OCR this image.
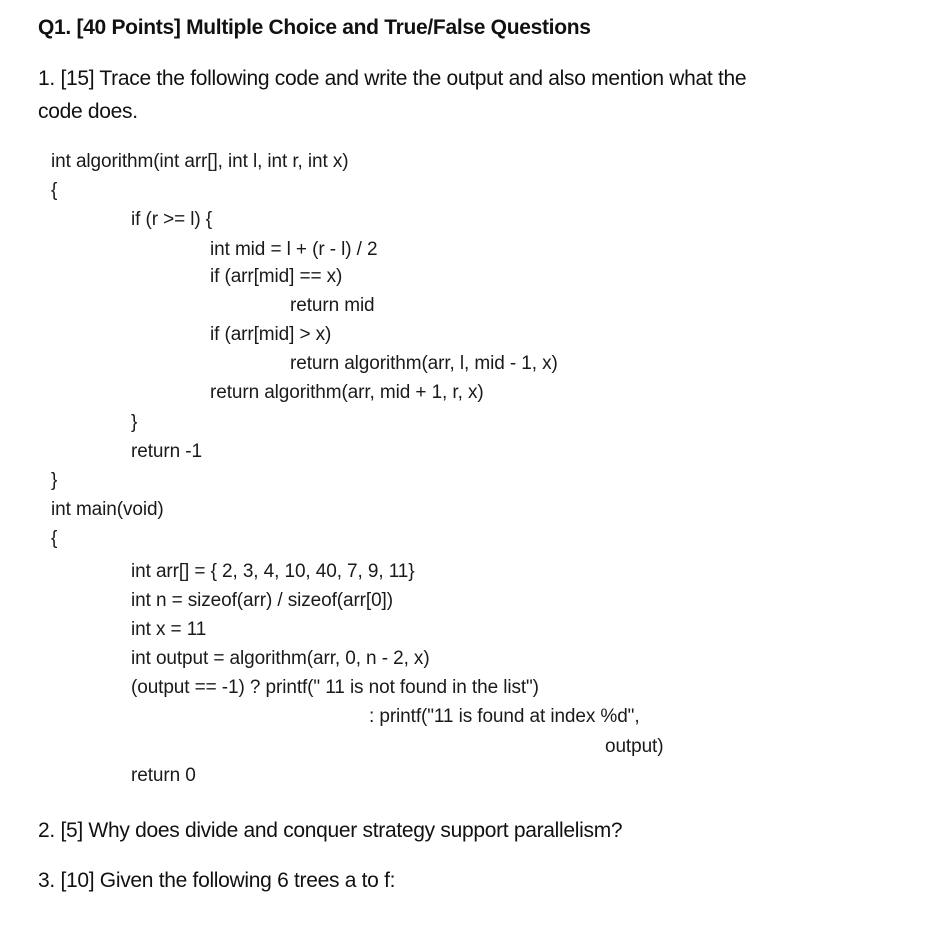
Q1. [40 Points] Multiple Choice and True/False Questions
1. [15] Trace the following code and write the output and also mention what the
code does.
int algorithm(int arr[], int l, int r, int x)
{
if (r >= l) {
int mid = l + (r - l) / 2
if (arr[mid] == x)
return mid
if (arr[mid] > x)
return algorithm(arr, l, mid - 1, x)
return algorithm(arr, mid + 1, r, x)
}
return -1
}
int main(void)
{
int arr[] = { 2, 3, 4, 10, 40, 7, 9, 11}
int n = sizeof(arr) / sizeof(arr[0])
int x = 11
int output = algorithm(arr, 0, n - 2, x)
(output == -1) ? printf(" 11 is not found in the list")
: printf("11 is found at index %d",
output)
return 0
2. [5] Why does divide and conquer strategy support parallelism?
3. [10] Given the following 6 trees a to f:
